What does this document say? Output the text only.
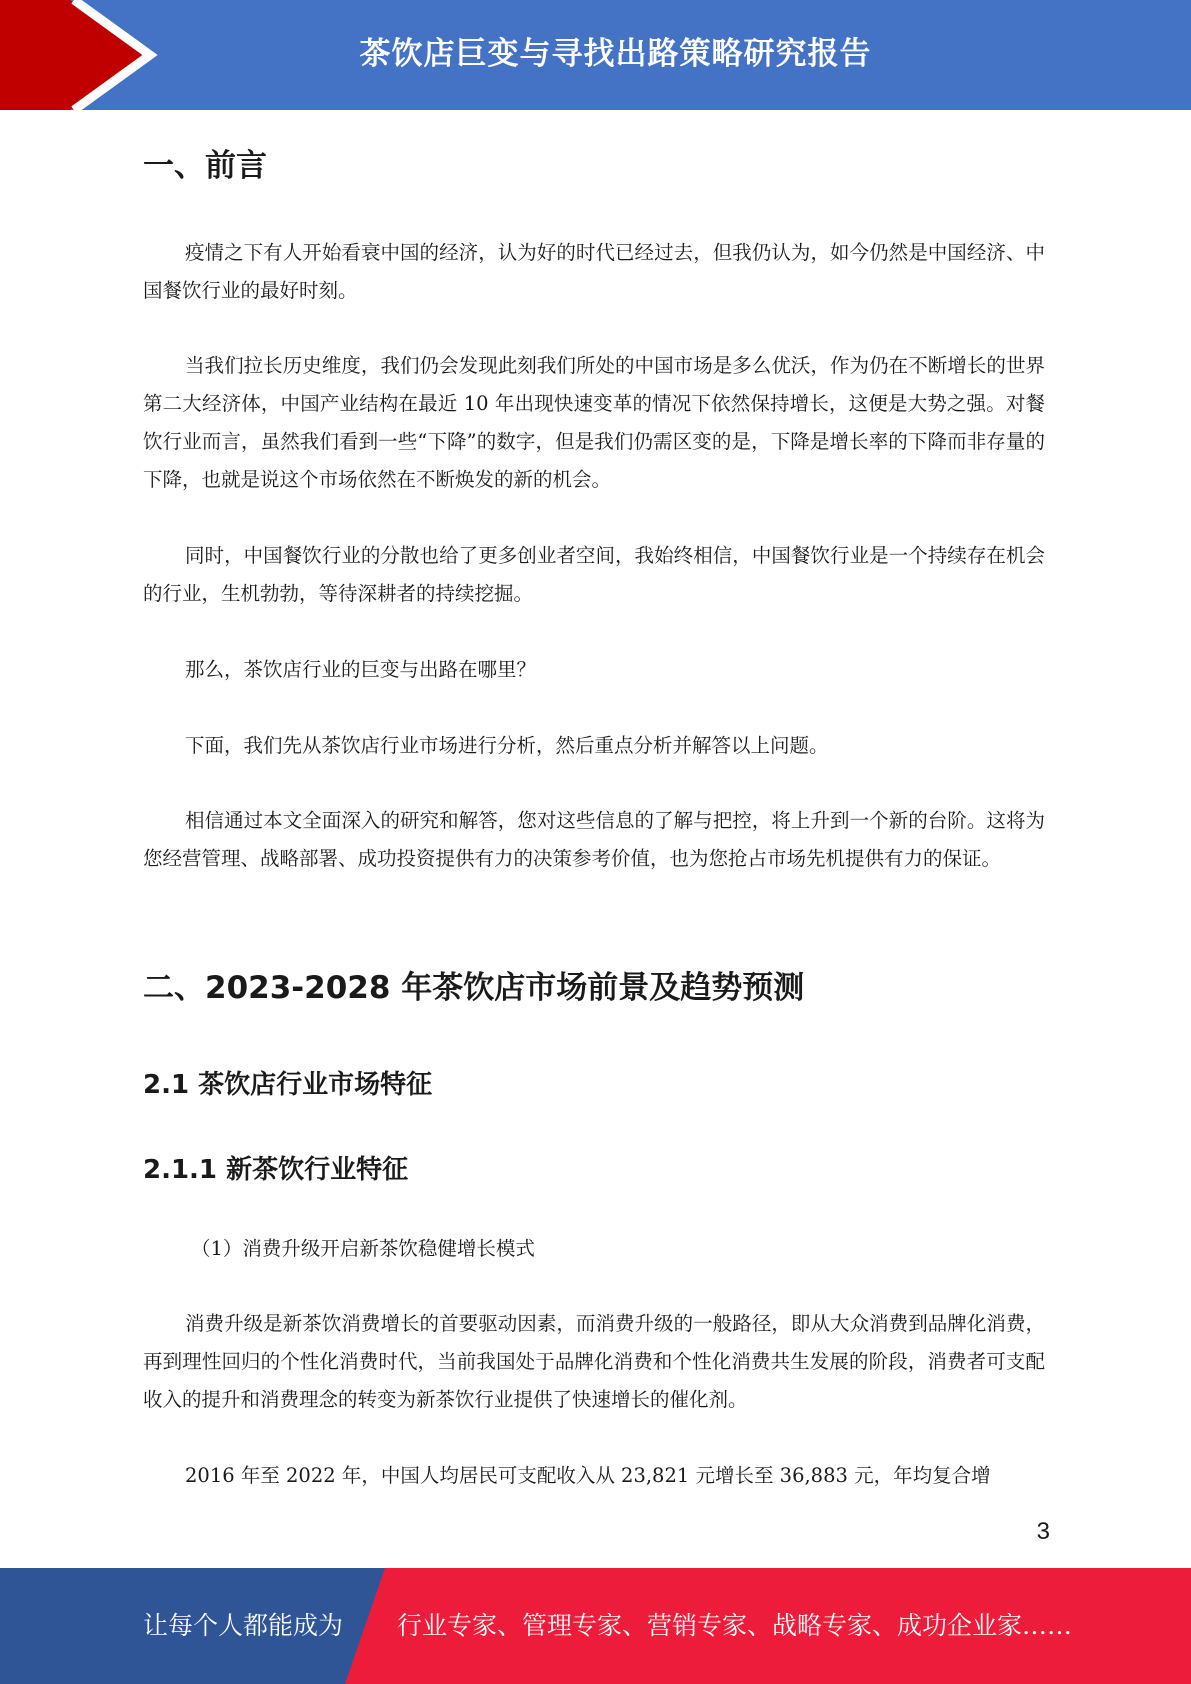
茶饮店巨变与寻找出路策略研究报告
一、前言

疫情之下有人开始看衰中国的经济，认为好的时代已经过去，但我仍认为，如今仍然是中国经济、中国餐饮行业的最好时刻。

当我们拉长历史维度，我们仍会发现此刻我们所处的中国市场是多么优沃，作为仍在不断增长的世界第二大经济体，中国产业结构在最近 10 年出现快速变革的情况下依然保持增长，这便是大势之强。对餐饮行业而言，虽然我们看到一些“下降”的数字，但是我们仍需区变的是，下降是增长率的下降而非存量的下降，也就是说这个市场依然在不断焕发的新的机会。

同时，中国餐饮行业的分散也给了更多创业者空间，我始终相信，中国餐饮行业是一个持续存在机会的行业，生机勃勃，等待深耕者的持续挖掘。

那么，茶饮店行业的巨变与出路在哪里？

下面，我们先从茶饮店行业市场进行分析，然后重点分析并解答以上问题。

相信通过本文全面深入的研究和解答，您对这些信息的了解与把控，将上升到一个新的台阶。这将为您经营管理、战略部署、成功投资提供有力的决策参考价值，也为您抢占市场先机提供有力的保证。

二、2023-2028 年茶饮店市场前景及趋势预测
2.1 茶饮店行业市场特征
2.1.1 新茶饮行业特征

（1）消费升级开启新茶饮稳健增长模式

消费升级是新茶饮消费增长的首要驱动因素，而消费升级的一般路径，即从大众消费到品牌化消费，再到理性回归的个性化消费时代，当前我国处于品牌化消费和个性化消费共生发展的阶段，消费者可支配收入的提升和消费理念的转变为新茶饮行业提供了快速增长的催化剂。

2016 年至 2022 年，中国人均居民可支配收入从 23,821 元增长至 36,883 元，年均复合增

3
让每个人都能成为 行业专家、管理专家、营销专家、战略专家、成功企业家……
